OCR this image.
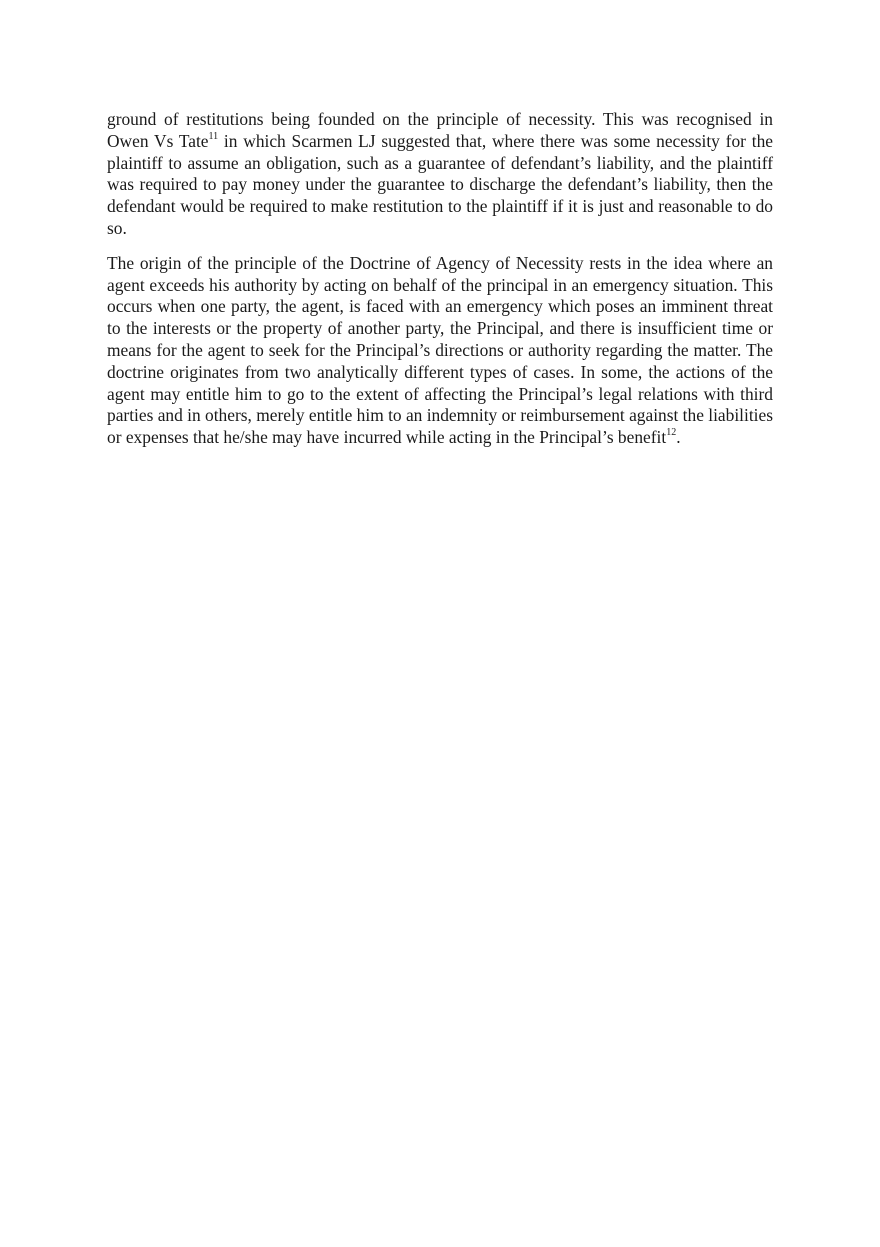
ground of restitutions being founded on the principle of necessity. This was recognised in Owen Vs Tate$^{11}$ in which Scarmen LJ suggested that, where there was some necessity for the plaintiff to assume an obligation, such as a guarantee of defendant’s liability, and the plaintiff was required to pay money under the guarantee to discharge the defendant’s liability, then the defendant would be required to make restitution to the plaintiff if it is just and reasonable to do so.

The origin of the principle of the Doctrine of Agency of Necessity rests in the idea where an agent exceeds his authority by acting on behalf of the principal in an emergency situation. This occurs when one party, the agent, is faced with an emergency which poses an imminent threat to the interests or the property of another party, the Principal, and there is insufficient time or means for the agent to seek for the Principal’s directions or authority regarding the matter. The doctrine originates from two analytically different types of cases. In some, the actions of the agent may entitle him to go to the extent of affecting the Principal’s legal relations with third parties and in others, merely entitle him to an indemnity or reimbursement against the liabilities or expenses that he/she may have incurred while acting in the Principal’s benefit$^{12}$.
